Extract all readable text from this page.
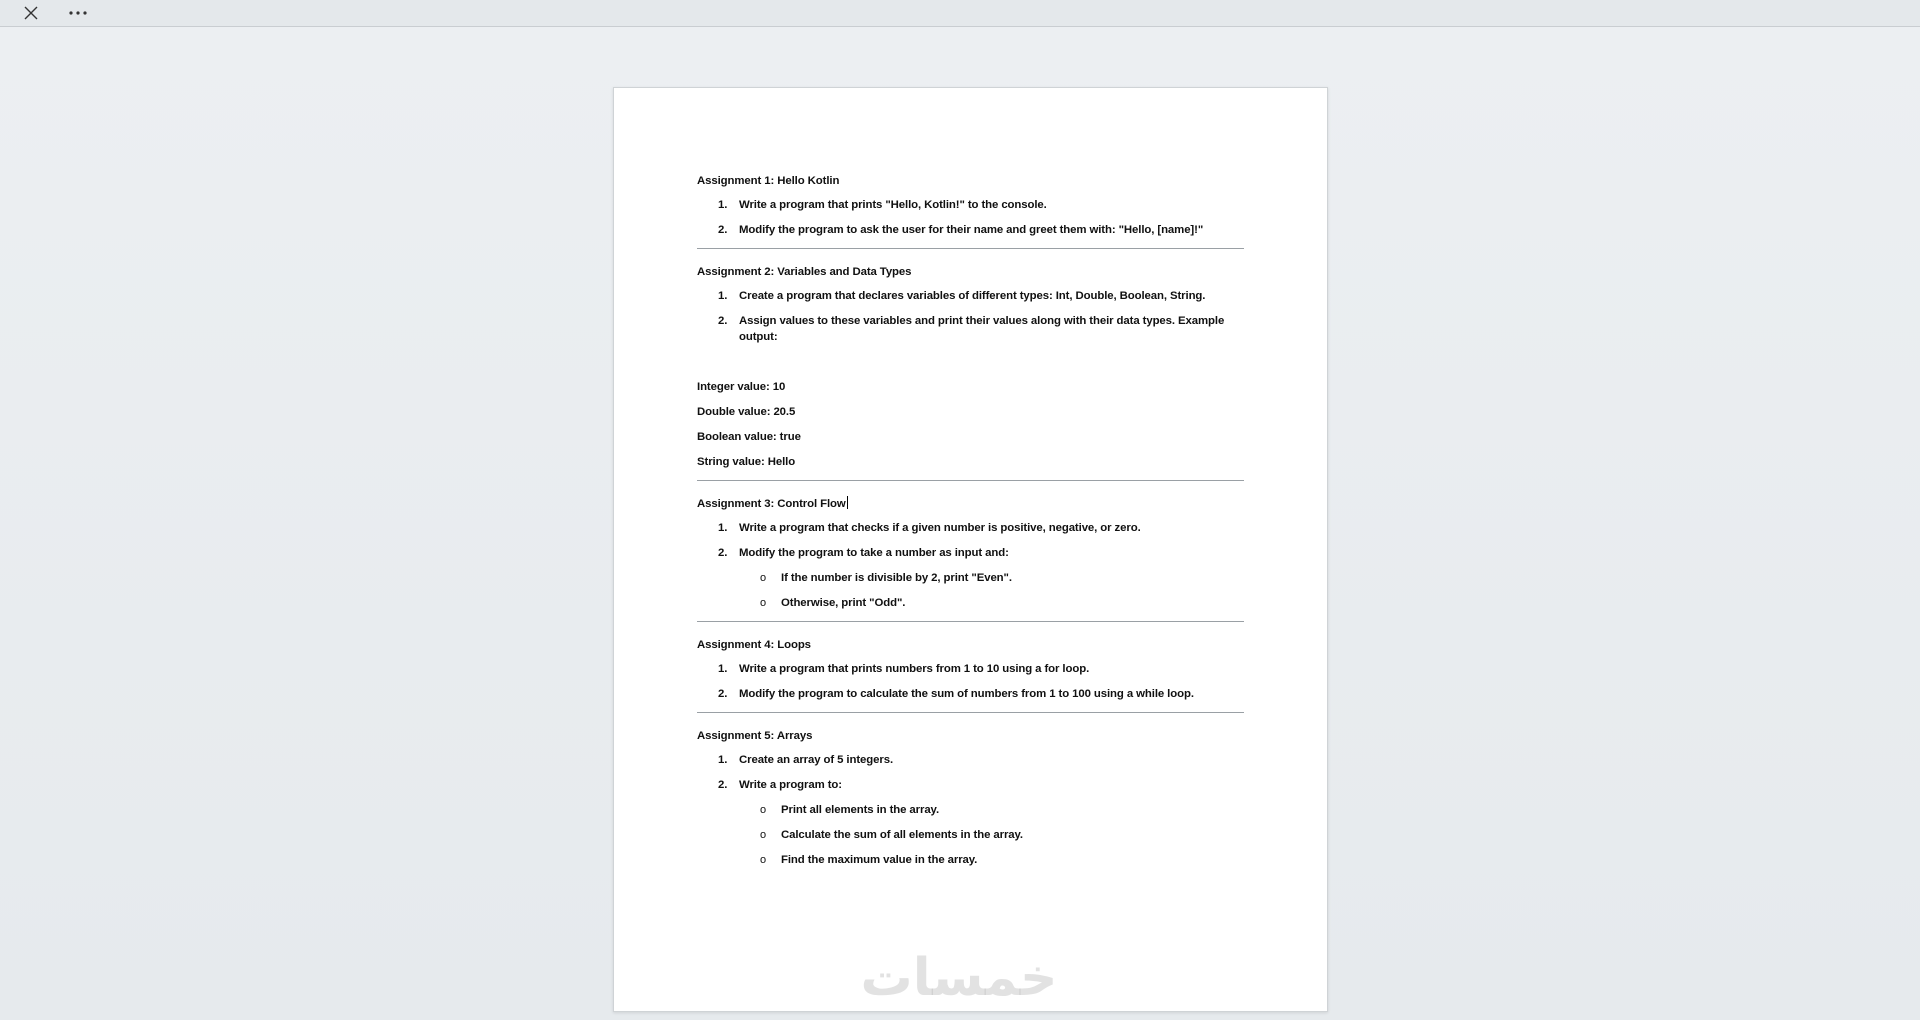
Assignment 1: Hello Kotlin
1. Write a program that prints "Hello, Kotlin!" to the console.
2. Modify the program to ask the user for their name and greet them with: "Hello, [name]!"
Assignment 2: Variables and Data Types
1. Create a program that declares variables of different types: Int, Double, Boolean, String.
2. Assign values to these variables and print their values along with their data types. Example output:
Integer value: 10
Double value: 20.5
Boolean value: true
String value: Hello
Assignment 3: Control Flow
1. Write a program that checks if a given number is positive, negative, or zero.
2. Modify the program to take a number as input and:
o If the number is divisible by 2, print "Even".
o Otherwise, print "Odd".
Assignment 4: Loops
1. Write a program that prints numbers from 1 to 10 using a for loop.
2. Modify the program to calculate the sum of numbers from 1 to 100 using a while loop.
Assignment 5: Arrays
1. Create an array of 5 integers.
2. Write a program to:
o Print all elements in the array.
o Calculate the sum of all elements in the array.
o Find the maximum value in the array.
خمسات
